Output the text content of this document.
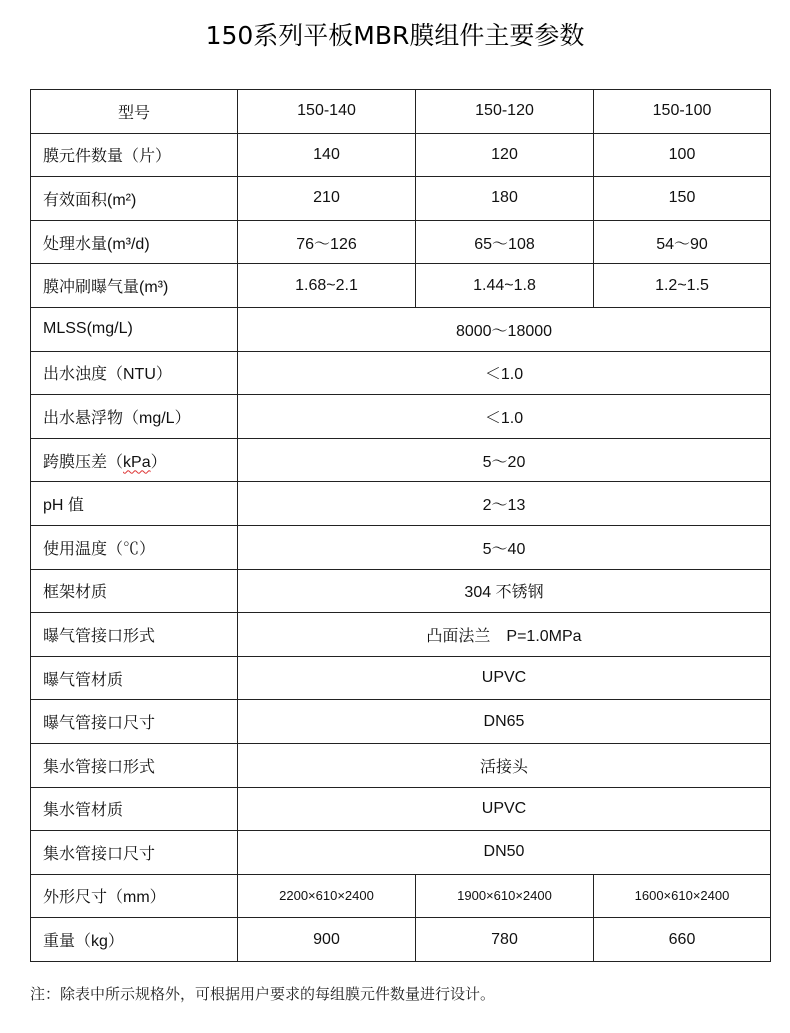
150系列平板MBR膜组件主要参数
型号	150-140	150-120	150-100
膜元件数量（片）	140	120	100
有效面积(m²)	210	180	150
处理水量(m³/d)	76～126	65～108	54～90
膜冲刷曝气量(m³)	1.68~2.1	1.44~1.8	1.2~1.5
MLSS(mg/L)	8000～18000		
出水浊度（NTU）	＜1.0		
出水悬浮物（mg/L）	＜1.0		
跨膜压差（kPa）	5～20		
pH 值	2～13		
使用温度（℃）	5～40		
框架材质	304 不锈钢		
曝气管接口形式	凸面法兰　P=1.0MPa		
曝气管材质	UPVC		
曝气管接口尺寸	DN65		
集水管接口形式	活接头		
集水管材质	UPVC		
集水管接口尺寸	DN50		
外形尺寸（mm）	2200×610×2400	1900×610×2400	1600×610×2400
重量（kg）	900	780	660
注：除表中所示规格外，可根据用户要求的每组膜元件数量进行设计。
